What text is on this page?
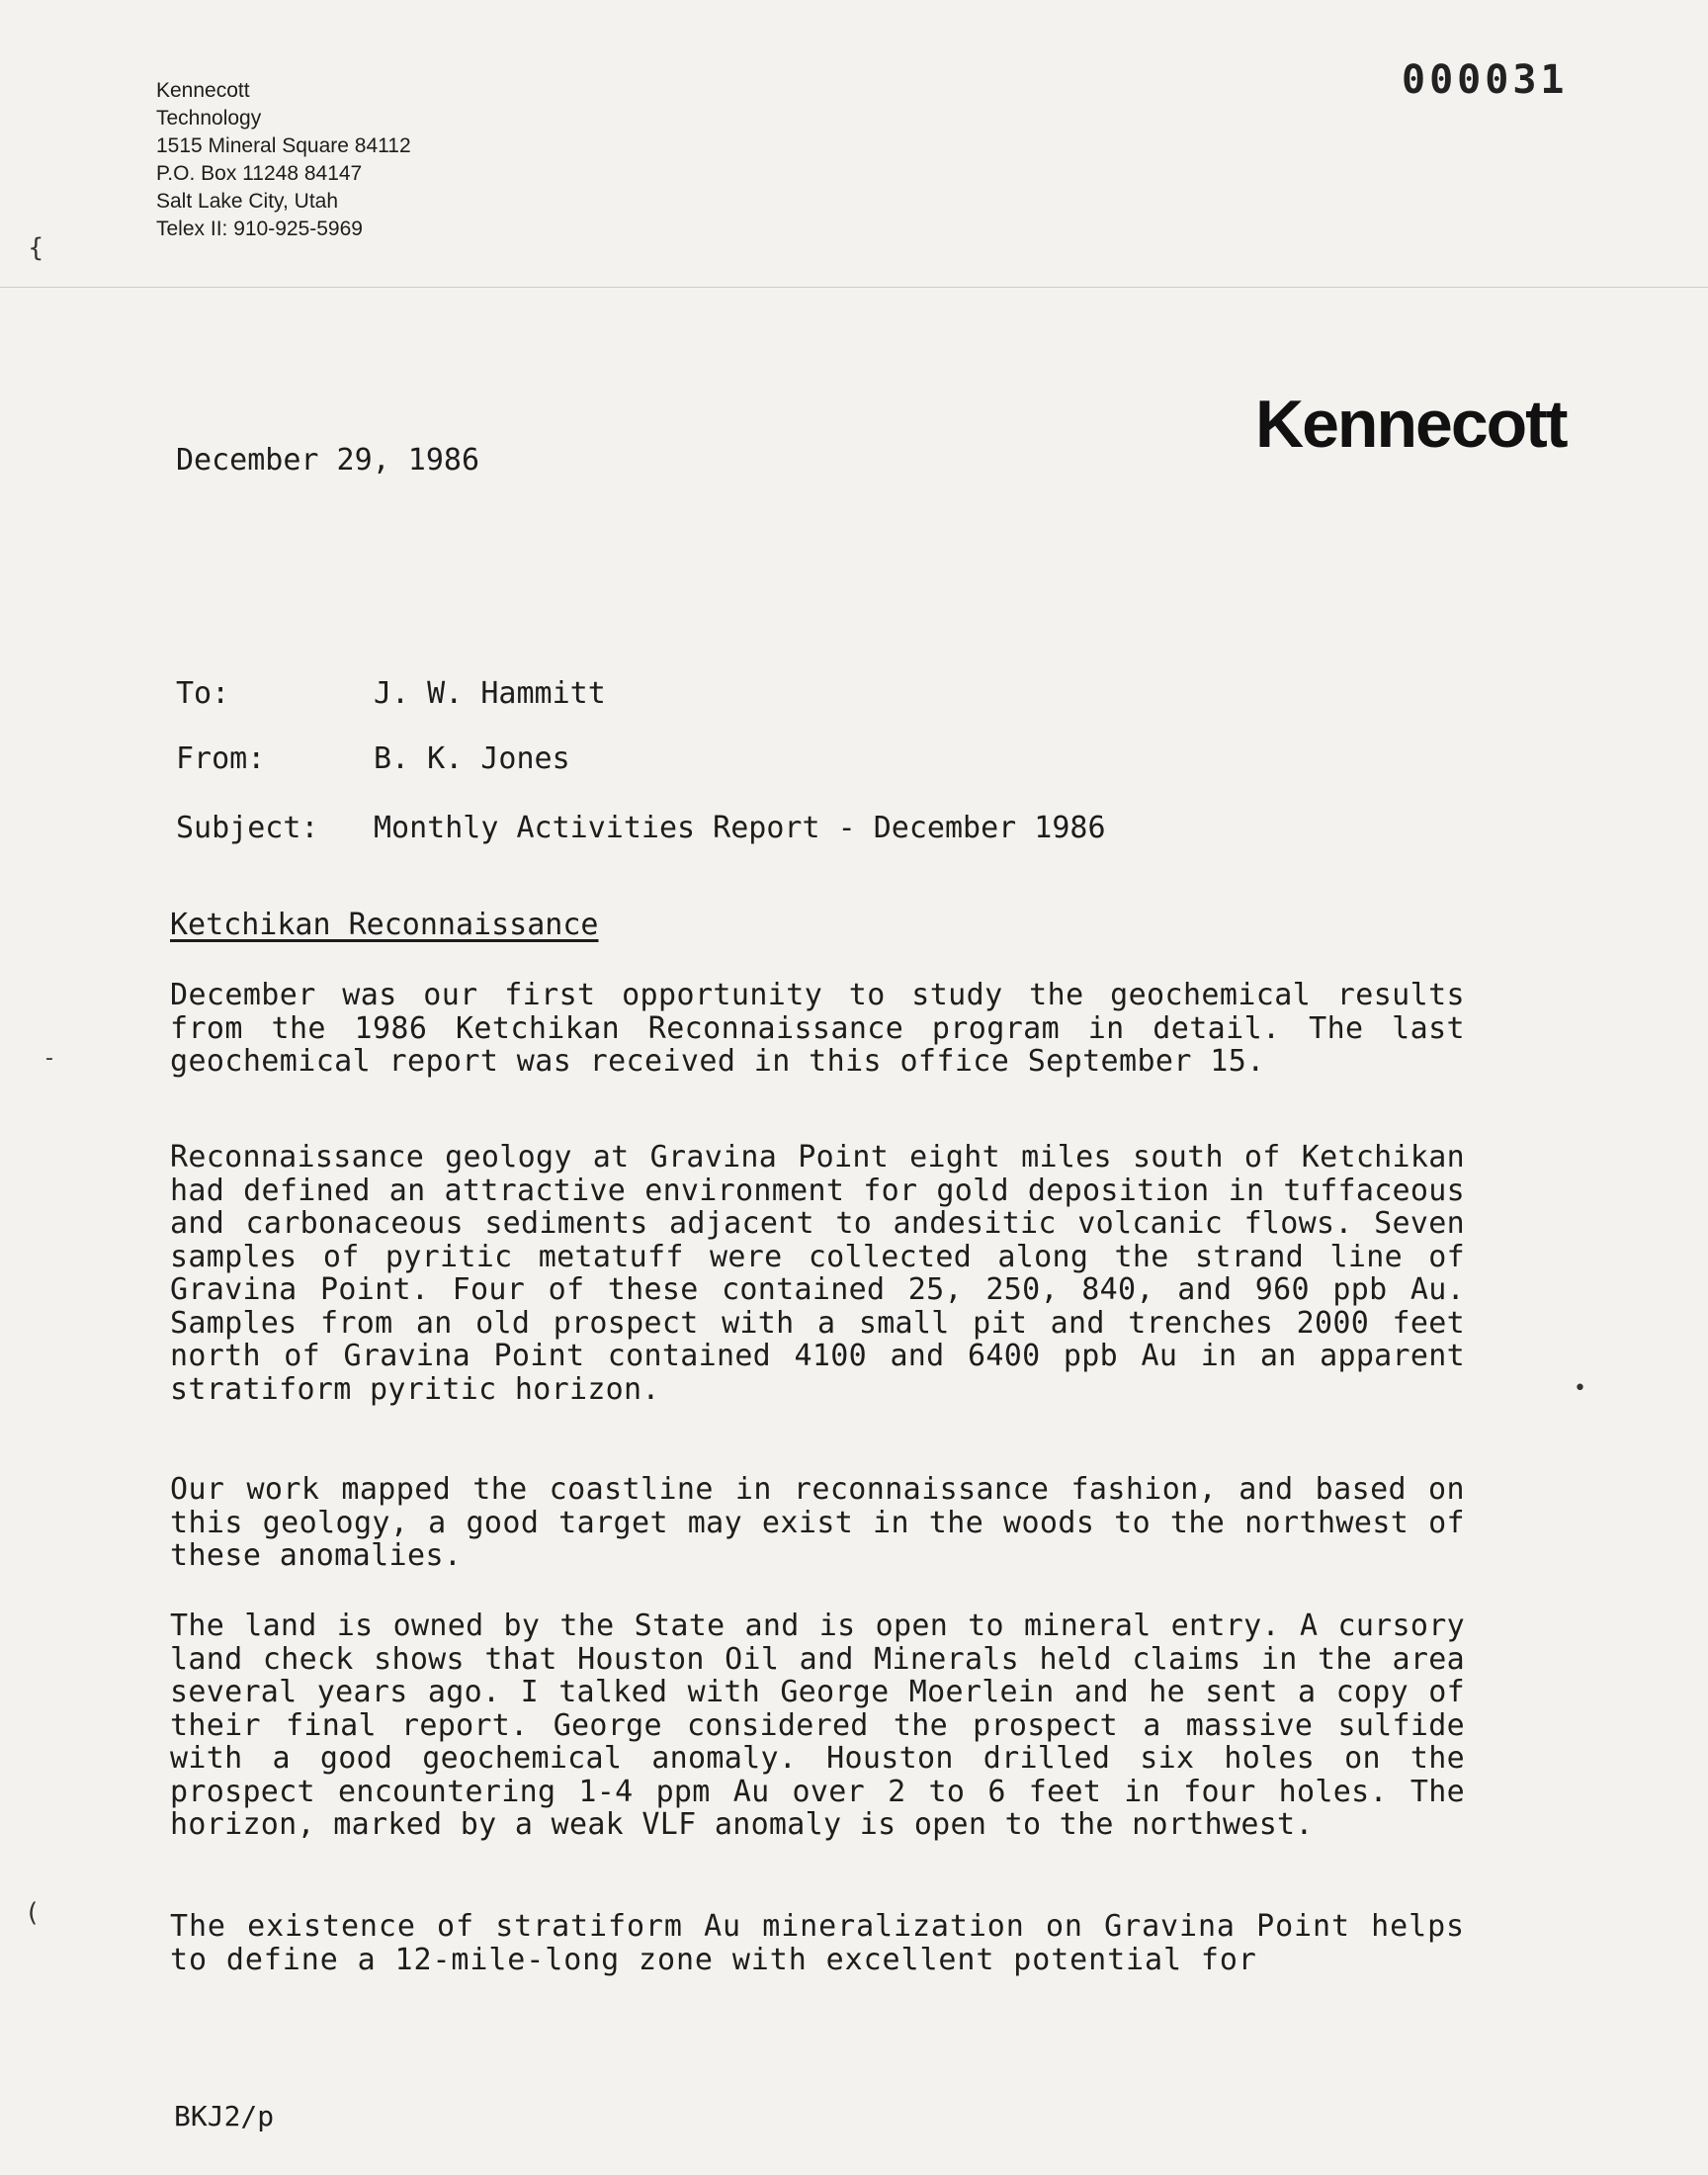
Kennecott
Technology
1515 Mineral Square 84112
P.O. Box 11248 84147
Salt Lake City, Utah
Telex II: 910-925-5969
000031
Kennecott
December 29, 1986
To:	J. W. Hammitt
From:	B. K. Jones
Subject: Monthly Activities Report - December 1986
Ketchikan Reconnaissance
December was our first opportunity to study the geochemical results from the 1986 Ketchikan Reconnaissance program in detail. The last geochemical report was received in this office September 15.
Reconnaissance geology at Gravina Point eight miles south of Ketchikan had defined an attractive environment for gold deposition in tuffaceous and carbonaceous sediments adjacent to andesitic volcanic flows. Seven samples of pyritic metatuff were collected along the strand line of Gravina Point. Four of these contained 25, 250, 840, and 960 ppb Au. Samples from an old prospect with a small pit and trenches 2000 feet north of Gravina Point contained 4100 and 6400 ppb Au in an apparent stratiform pyritic horizon.
Our work mapped the coastline in reconnaissance fashion, and based on this geology, a good target may exist in the woods to the northwest of these anomalies.
The land is owned by the State and is open to mineral entry. A cursory land check shows that Houston Oil and Minerals held claims in the area several years ago. I talked with George Moerlein and he sent a copy of their final report. George considered the prospect a massive sulfide with a good geochemical anomaly. Houston drilled six holes on the prospect encountering 1-4 ppm Au over 2 to 6 feet in four holes. The horizon, marked by a weak VLF anomaly is open to the northwest.
The existence of stratiform Au mineralization on Gravina Point helps to define a 12-mile-long zone with excellent potential for
BKJ2/p
{
-
(
•
